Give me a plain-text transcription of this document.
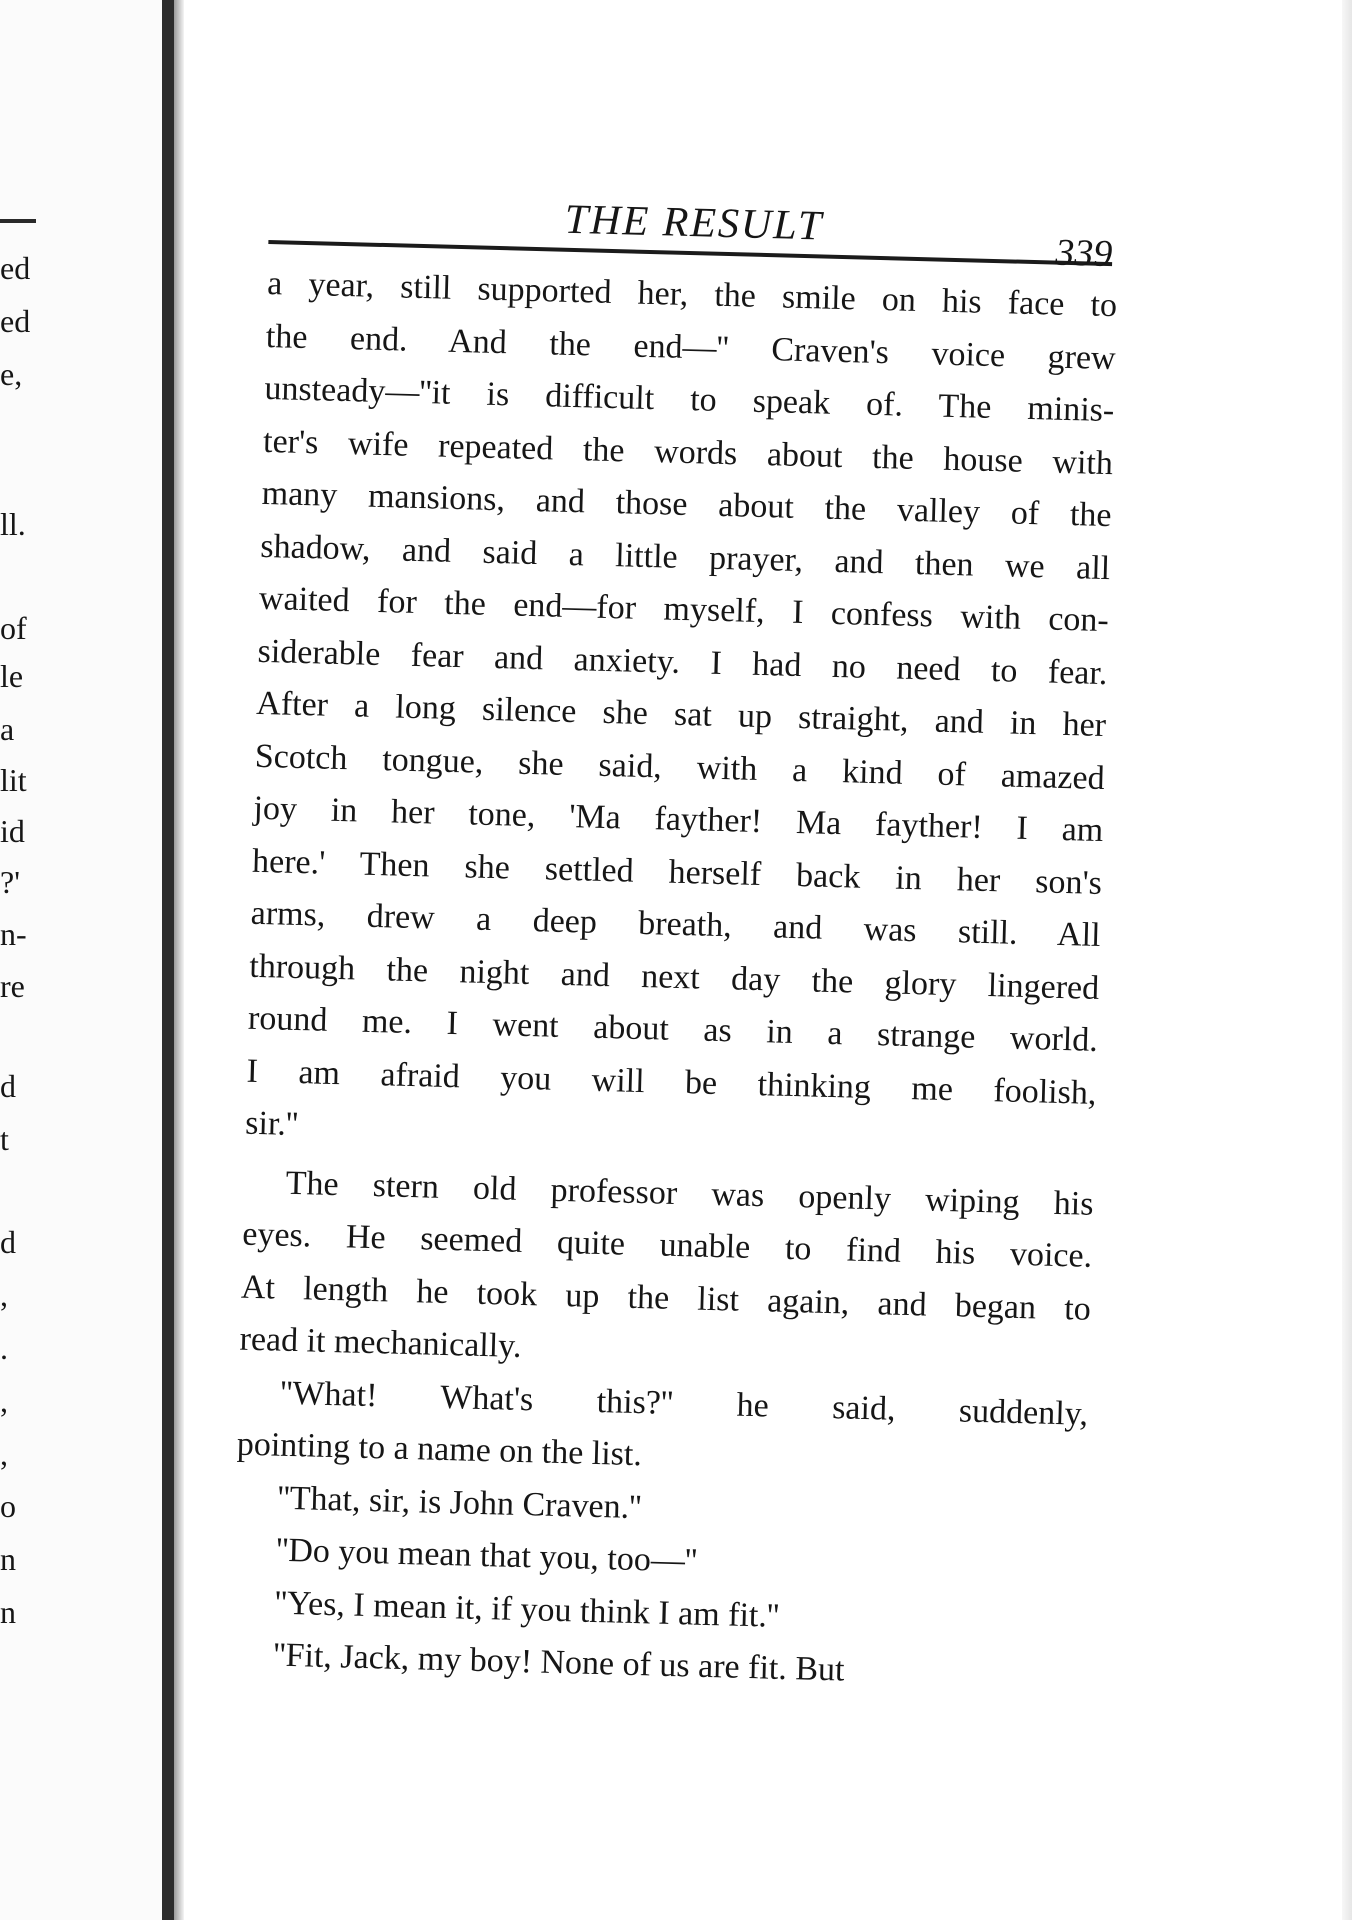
ed
ed
e,
ll.
of
le
a
lit
id
?'
n-
re
d
t
d
,
.
,
,
o
n
n
THE RESULT
339
a year, still supported her, the smile on his face to
the end. And the end—'' Craven's voice grew
unsteady—''it is difficult to speak of. The minis-
ter's wife repeated the words about the house with
many mansions, and those about the valley of the
shadow, and said a little prayer, and then we all
waited for the end—for myself, I confess with con-
siderable fear and anxiety. I had no need to fear.
After a long silence she sat up straight, and in her
Scotch tongue, she said, with a kind of amazed
joy in her tone, 'Ma fayther! Ma fayther! I am
here.' Then she settled herself back in her son's
arms, drew a deep breath, and was still. All
through the night and next day the glory lingered
round me. I went about as in a strange world.
I am afraid you will be thinking me foolish,
sir.''
The stern old professor was openly wiping his
eyes. He seemed quite unable to find his voice.
At length he took up the list again, and began to
read it mechanically.
''What! What's this?'' he said, suddenly,
pointing to a name on the list.
''That, sir, is John Craven.''
''Do you mean that you, too—''
''Yes, I mean it, if you think I am fit.''
''Fit, Jack, my boy! None of us are fit. But
